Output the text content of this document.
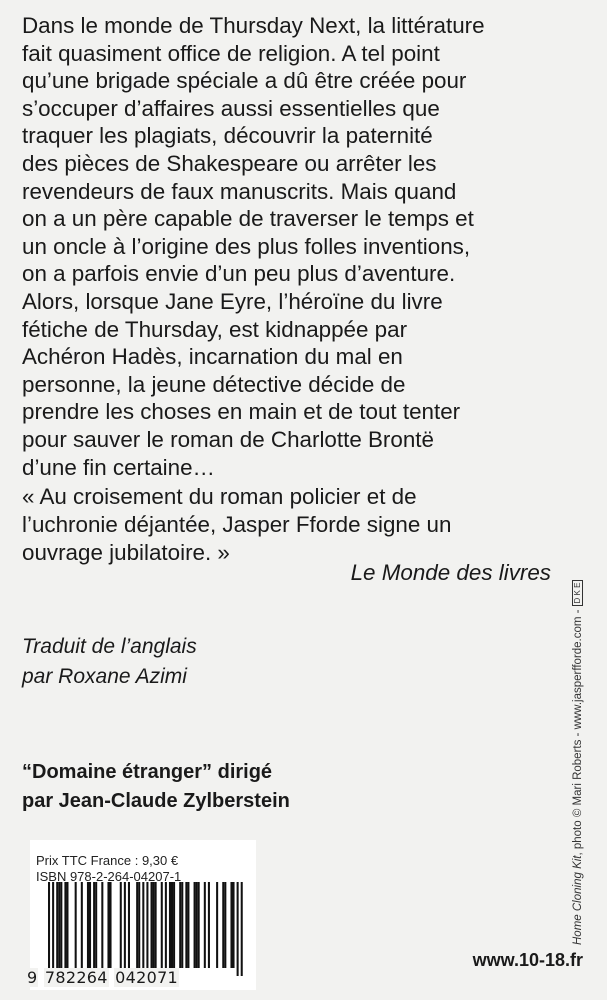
Dans le monde de Thursday Next, la littérature
fait quasiment office de religion. A tel point
qu’une brigade spéciale a dû être créée pour
s’occuper d’affaires aussi essentielles que
traquer les plagiats, découvrir la paternité
des pièces de Shakespeare ou arrêter les
revendeurs de faux manuscrits. Mais quand
on a un père capable de traverser le temps et
un oncle à l’origine des plus folles inventions,
on a parfois envie d’un peu plus d’aventure.
Alors, lorsque Jane Eyre, l’héroïne du livre
fétiche de Thursday, est kidnappée par
Achéron Hadès, incarnation du mal en
personne, la jeune détective décide de
prendre les choses en main et de tout tenter
pour sauver le roman de Charlotte Brontë
d’une fin certaine…
« Au croisement du roman policier et de
l’uchronie déjantée, Jasper Fforde signe un
ouvrage jubilatoire. »
Le Monde des livres
Traduit de l’anglais
par Roxane Azimi
“Domaine étranger” dirigé
par Jean-Claude Zylberstein
9 782264 042071
Prix TTC France : 9,30 €
ISBN 978-2-264-04207-1
www.10-18.fr
Home Cloning Kit, photo © Mari Roberts - www.jasperfforde.com -D K E
